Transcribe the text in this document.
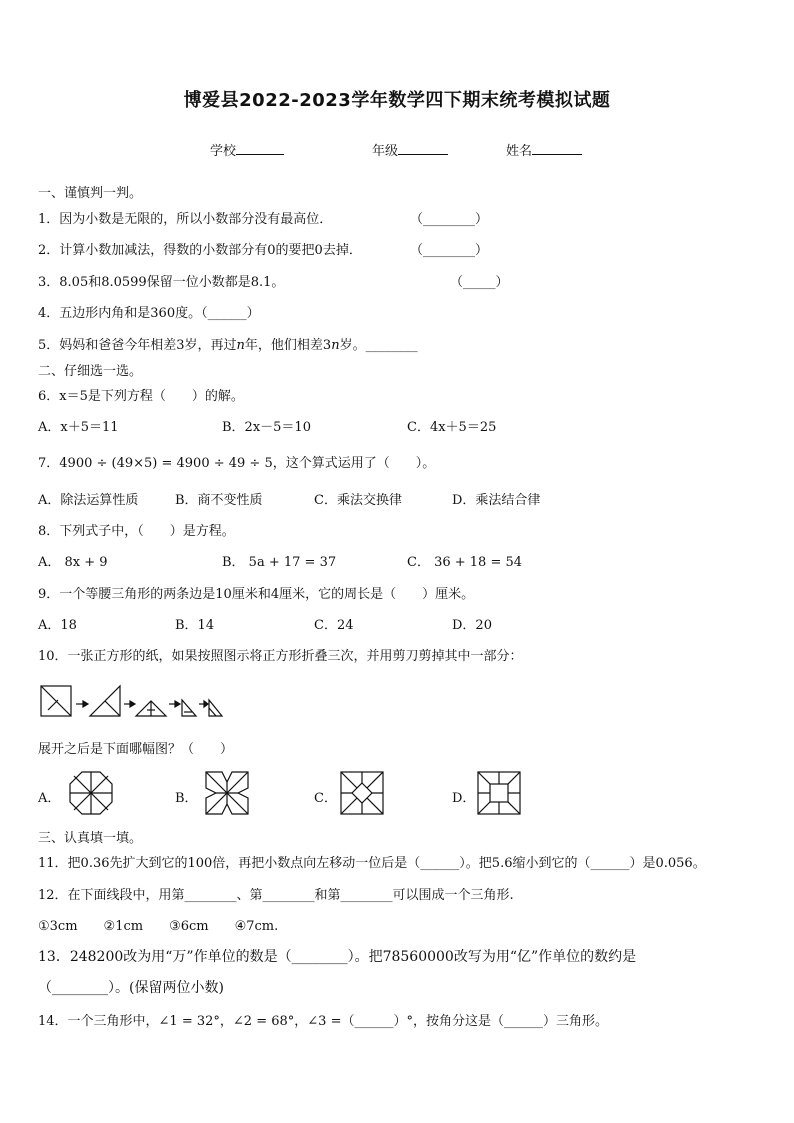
博爱县2022-2023学年数学四下期末统考模拟试题
学校	年级	姓名
一、谨慎判一判。
1．因为小数是无限的，所以小数部分没有最高位．	（________）
2．计算小数加减法，得数的小数部分有0的要把0去掉．	（________）
3．8.05和8.0599保留一位小数都是8.1。	（_____）
4．五边形内角和是360度。（______）
5．妈妈和爸爸今年相差3岁，再过n年，他们相差3n岁。________
二、仔细选一选。
6．x＝5是下列方程（　　）的解。
A．x＋5＝11	B．2x－5＝10	C．4x＋5＝25
7．4900 ÷ (49×5) = 4900 ÷ 49 ÷ 5，这个算式运用了（　　）。
A．除法运算性质	B．商不变性质	C．乘法交换律	D．乘法结合律
8．下列式子中，（　　）是方程。
A． 8x + 9	B． 5a + 17 = 37	C． 36 + 18 = 54
9．一个等腰三角形的两条边是10厘米和4厘米，它的周长是（　　）厘米。
A．18	B．14	C．24	D．20
10．一张正方形的纸，如果按照图示将正方形折叠三次，并用剪刀剪掉其中一部分：
展开之后是下面哪幅图？（　　）
A．	B．	C．	D．
三、认真填一填。
11．把0.36先扩大到它的100倍，再把小数点向左移动一位后是（______）。把5.6缩小到它的（______）是0.056。
12．在下面线段中，用第________、第________和第________可以围成一个三角形.
①3cm　　②1cm　　③6cm　　④7cm.
13．248200改为用“万”作单位的数是（________）。把78560000改写为用“亿”作单位的数约是
（________）。(保留两位小数)
14．一个三角形中，∠1 = 32°，∠2 = 68°，∠3 =（______）°，按角分这是（______）三角形。
